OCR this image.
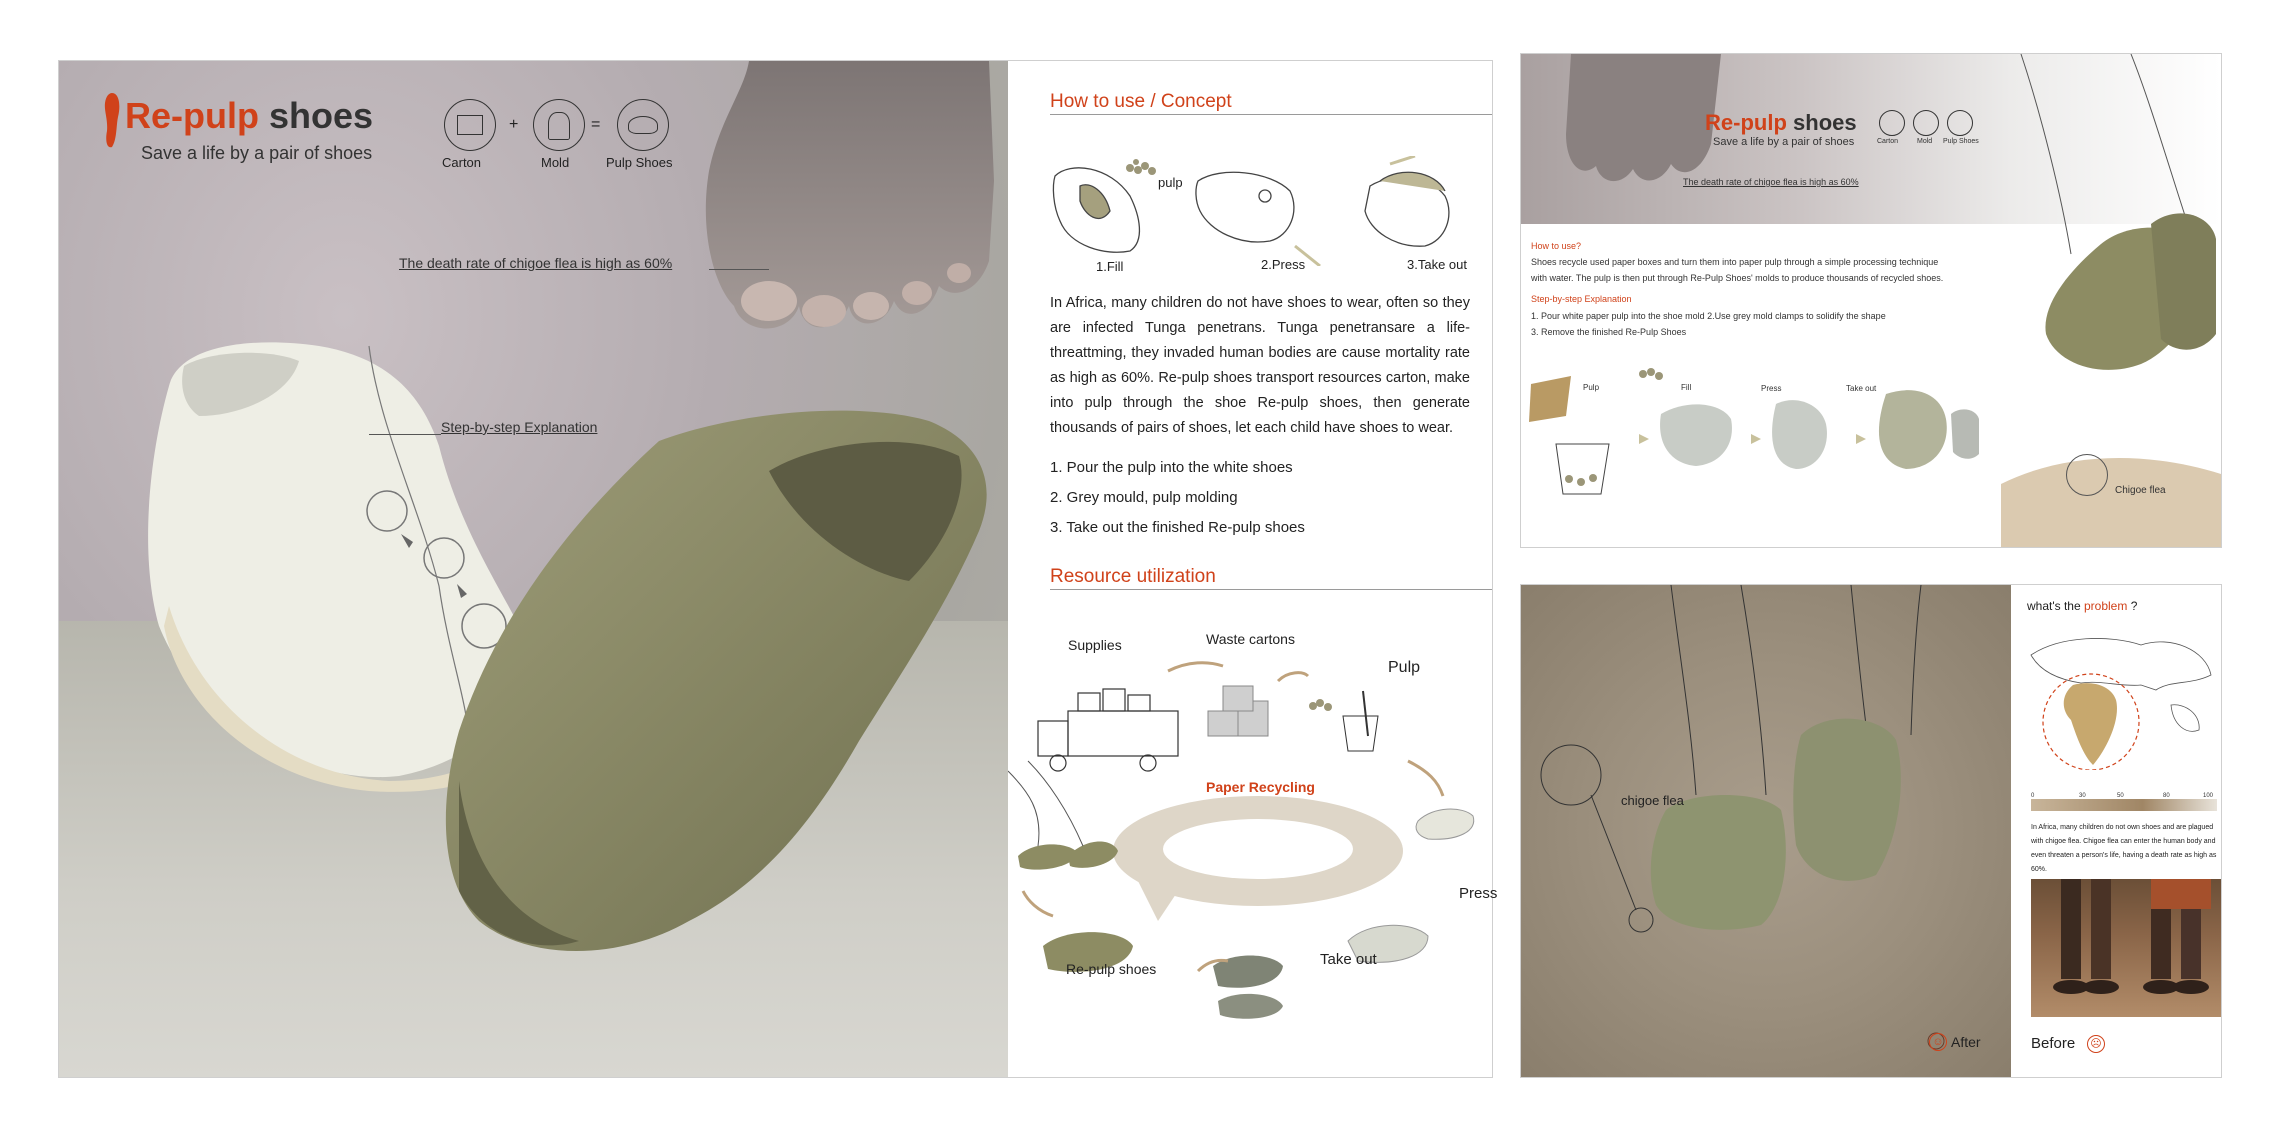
Re-pulp shoes
Save a life by a pair of shoes	Carton
+
Mold
=
Pulp Shoes
The death rate of chigoe flea is high as 60%
Step-by-step Explanation
How to use / Concept
pulp
1.Fill	2.Press	3.Take out
In Africa, many children do not have shoes to wear, often so they are infected Tunga penetrans. Tunga penetransare a life-threattming, they invaded human bodies are cause mortality rate as high as 60%. Re-pulp shoes transport resources carton, make into pulp through the shoe Re-pulp shoes, then generate thousands of pairs of shoes, let each child have shoes to wear.
1. Pour the pulp into the white shoes
2. Grey mould, pulp molding
3. Take out the finished Re-pulp shoes
Resource utilization
Supplies	Waste cartons
Pulp
Paper Recycling
Press
Take out
Re-pulp shoes
Re-pulp shoes
Save a life by a pair of shoes	Carton	Mold Pulp Shoes
The death rate of chigoe flea is high as 60%
How to use?
Shoes recycle used paper boxes and turn them into paper pulp through a simple processing technique
with water. The pulp is then put through Re-Pulp Shoes' molds to produce thousands of recycled shoes.
Step-by-step Explanation
1. Pour white paper pulp into the shoe mold 2.Use grey mold clamps to solidify the shape
3. Remove the finished Re-Pulp Shoes
Pulp	Fill	Press	Take out
Chigoe flea
chigoe flea
After
what's the problem ?
0	30	50	80	100
In Africa, many children do not own shoes and are plagued with chigoe flea. Chigoe flea can enter the human body and even threaten a person's life, having a death rate as high as 60%.
Before ☹
☺
